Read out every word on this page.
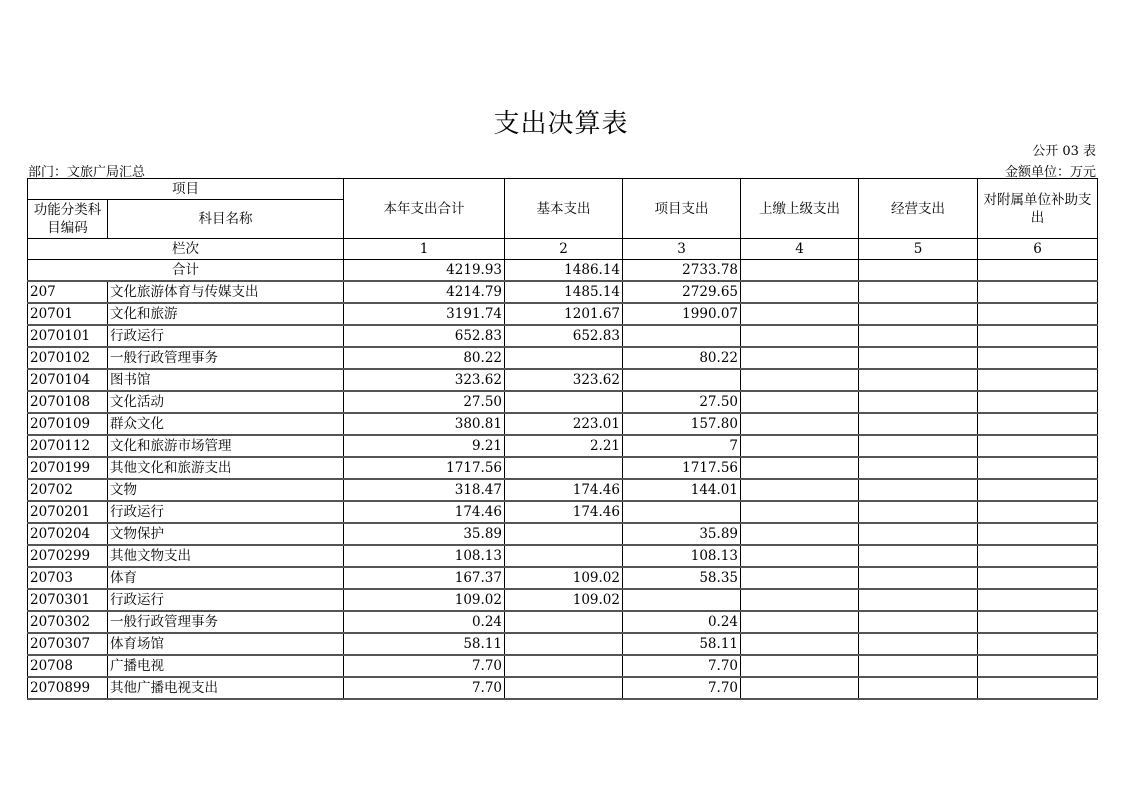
支出决算表
公开 03 表
部门：文旅广局汇总	金额单位：万元
项目		本年支出合计	基本支出	项目支出	上缴上级支出	经营支出	对附属单位补助支出
功能分类科目编码	科目名称						
栏次		1	2	3	4	5	6
合计		4219.93	1486.14	2733.78			
207	文化旅游体育与传媒支出	4214.79	1485.14	2729.65			
20701	文化和旅游	3191.74	1201.67	1990.07			
2070101	行政运行	652.83	652.83				
2070102	一般行政管理事务	80.22		80.22			
2070104	图书馆	323.62	323.62				
2070108	文化活动	27.50		27.50			
2070109	群众文化	380.81	223.01	157.80			
2070112	文化和旅游市场管理	9.21	2.21	7			
2070199	其他文化和旅游支出	1717.56		1717.56			
20702	文物	318.47	174.46	144.01			
2070201	行政运行	174.46	174.46				
2070204	文物保护	35.89		35.89			
2070299	其他文物支出	108.13		108.13			
20703	体育	167.37	109.02	58.35			
2070301	行政运行	109.02	109.02				
2070302	一般行政管理事务	0.24		0.24			
2070307	体育场馆	58.11		58.11			
20708	广播电视	7.70		7.70			
2070899	其他广播电视支出	7.70		7.70			
